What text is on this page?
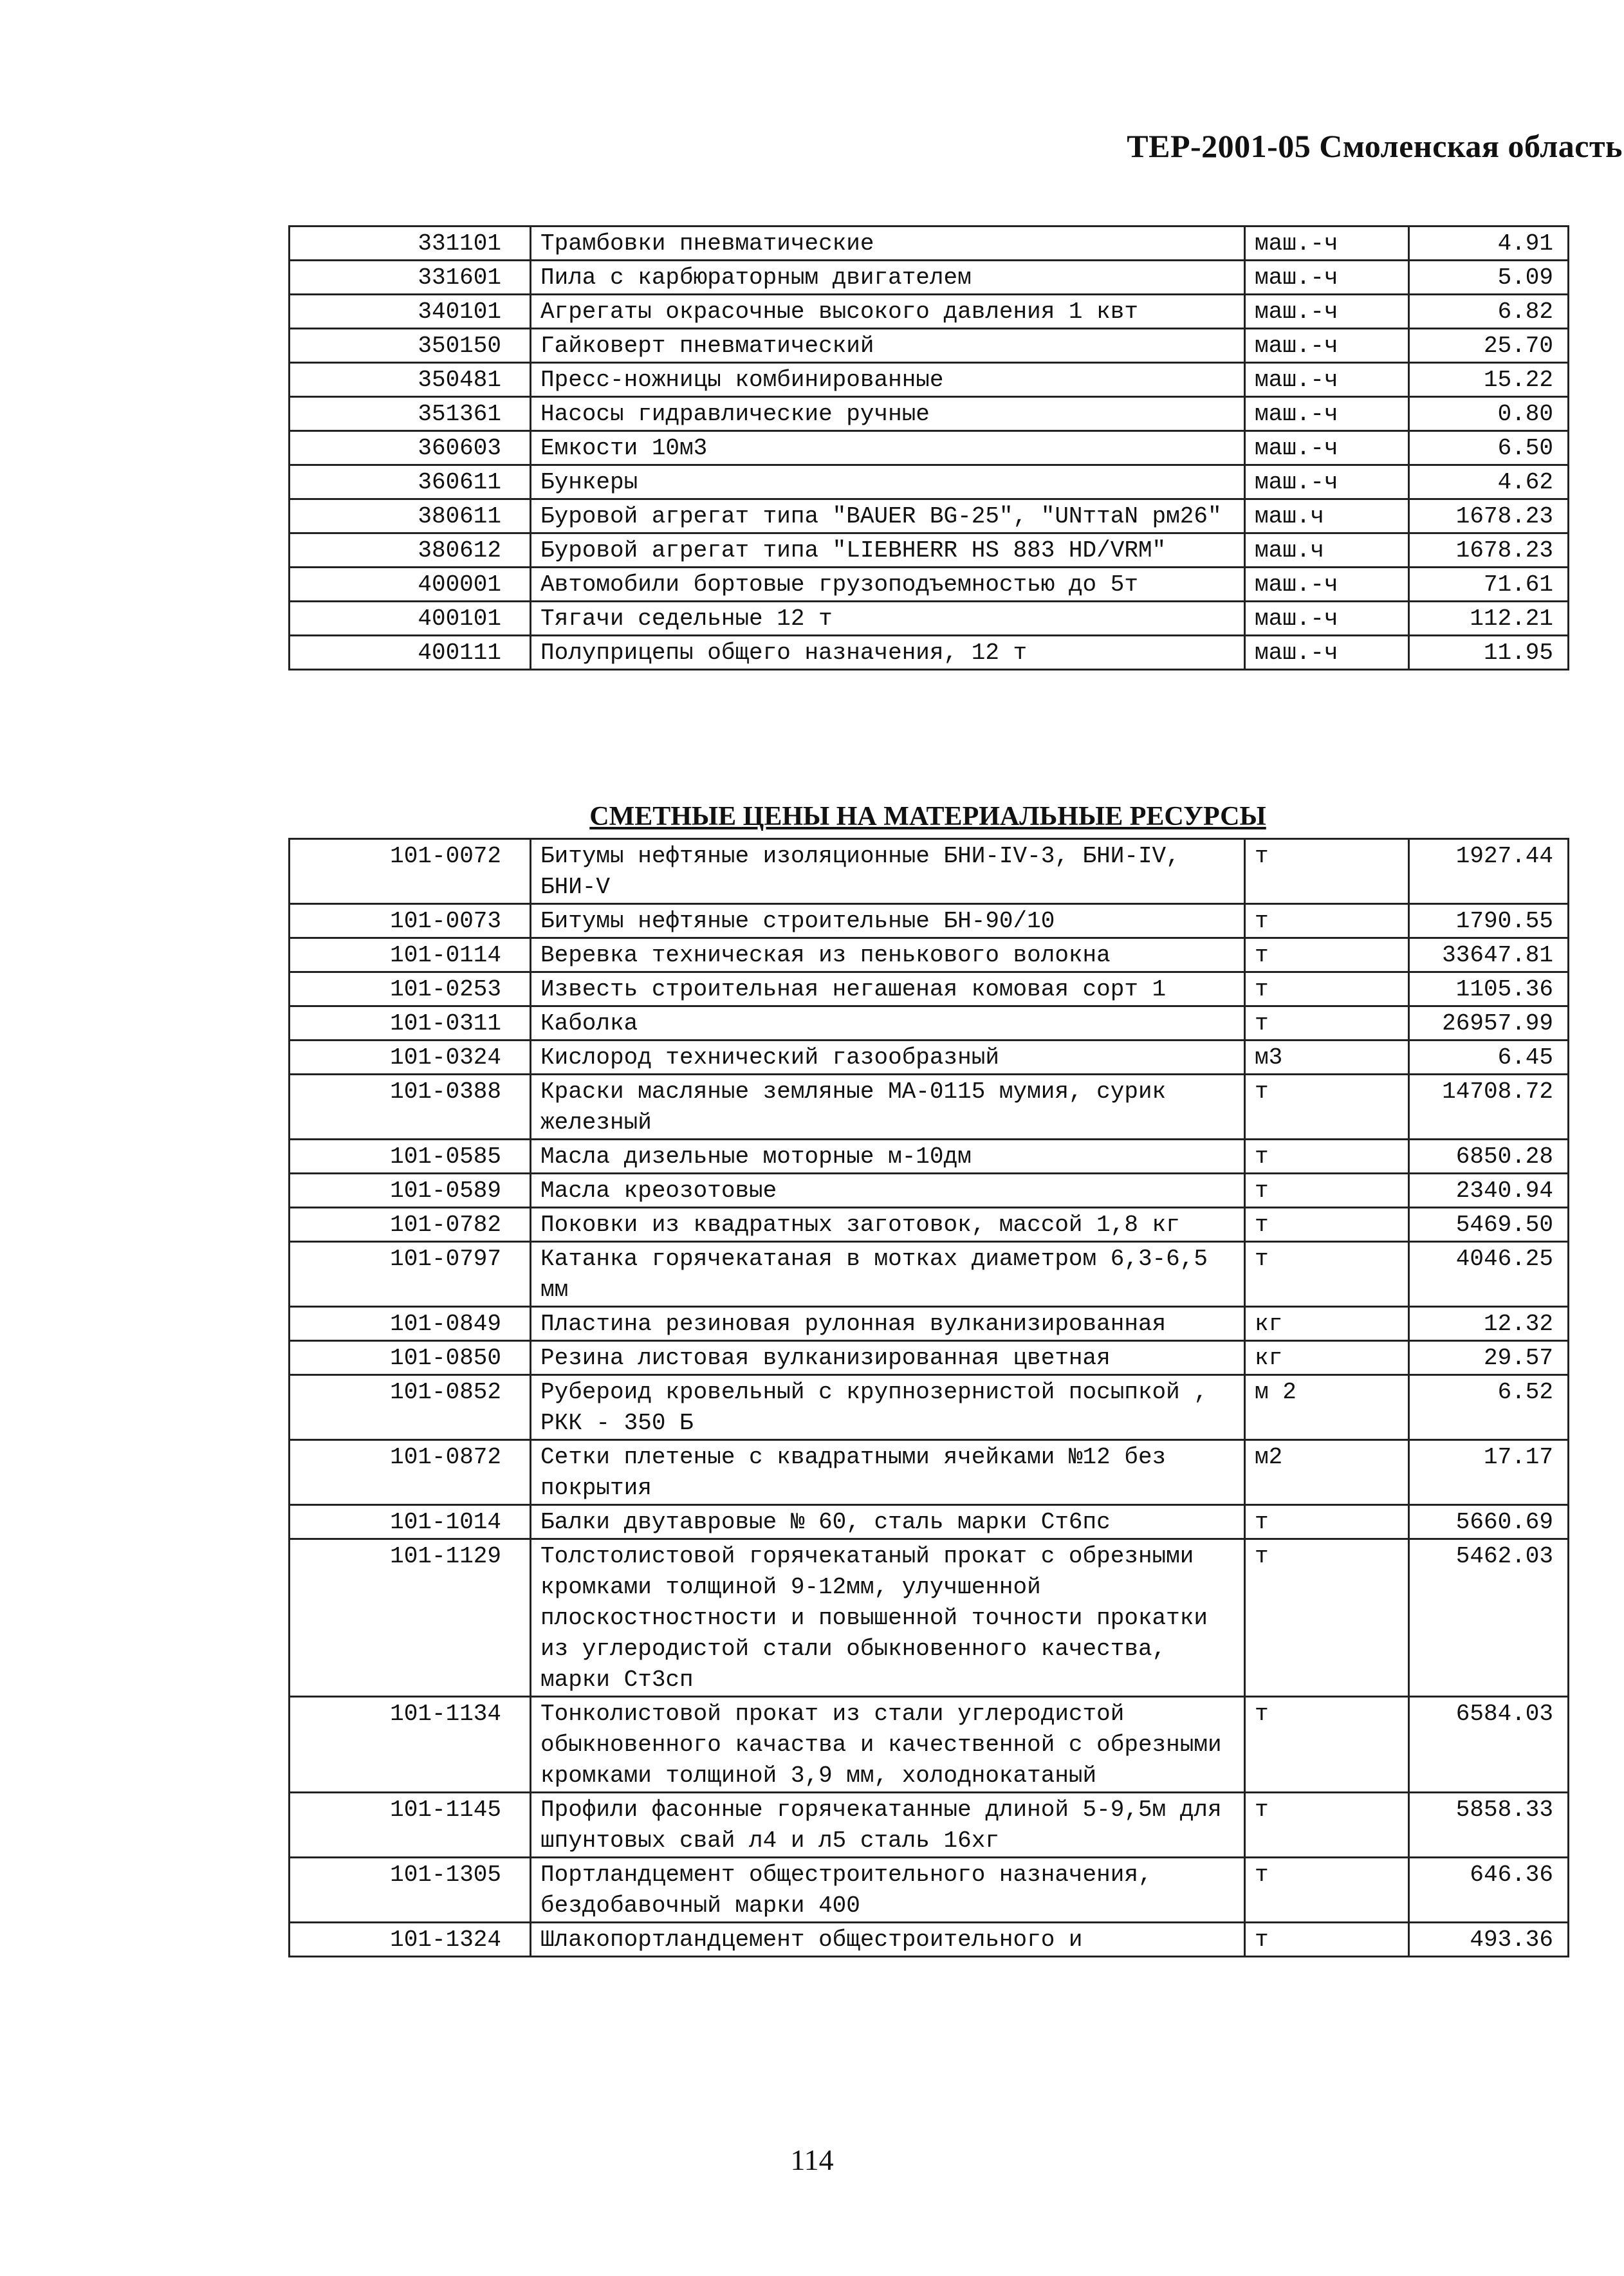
ТЕР-2001-05 Смоленская область
331101	Трамбовки пневматические	маш.-ч	4.91
331601	Пила с карбюраторным двигателем	маш.-ч	5.09
340101	Агрегаты окрасочные высокого давления 1 квт	маш.-ч	6.82
350150	Гайковерт пневматический	маш.-ч	25.70
350481	Пресс-ножницы комбинированные	маш.-ч	15.22
351361	Насосы гидравлические ручные	маш.-ч	0.80
360603	Емкости 10м3	маш.-ч	6.50
360611	Бункеры	маш.-ч	4.62
380611	Буровой агрегат типа "BAUER BG-25", "UNттаN рм26"	маш.ч	1678.23
380612	Буровой агрегат типа "LIEBHERR HS 883 HD/VRM"	маш.ч	1678.23
400001	Автомобили бортовые грузоподъемностью до 5т	маш.-ч	71.61
400101	Тягачи седельные 12 т	маш.-ч	112.21
400111	Полуприцепы общего назначения, 12 т	маш.-ч	11.95
СМЕТНЫЕ ЦЕНЫ НА МАТЕРИАЛЬНЫЕ РЕСУРСЫ
101-0072	Битумы нефтяные изоляционные БНИ-IV-3, БНИ-IV, БНИ-V	т	1927.44
101-0073	Битумы нефтяные строительные БН-90/10	т	1790.55
101-0114	Веревка техническая из пенькового волокна	т	33647.81
101-0253	Известь строительная негашеная комовая сорт 1	т	1105.36
101-0311	Каболка	т	26957.99
101-0324	Кислород технический газообразный	м3	6.45
101-0388	Краски масляные земляные МА-0115 мумия, сурик железный	т	14708.72
101-0585	Масла дизельные моторные м-10дм	т	6850.28
101-0589	Масла креозотовые	т	2340.94
101-0782	Поковки из квадратных заготовок, массой 1,8 кг	т	5469.50
101-0797	Катанка горячекатаная в мотках диаметром 6,3-6,5 мм	т	4046.25
101-0849	Пластина резиновая рулонная вулканизированная	кг	12.32
101-0850	Резина листовая вулканизированная цветная	кг	29.57
101-0852	Рубероид кровельный с крупнозернистой посыпкой , РКК - 350 Б	м 2	6.52
101-0872	Сетки плетеные с квадратными ячейками №12 без покрытия	м2	17.17
101-1014	Балки двутавровые № 60, сталь марки Ст6пс	т	5660.69
101-1129	Толстолистовой горячекатаный прокат с обрезными кромками толщиной 9-12мм, улучшенной плоскостностности и повышенной точности прокатки из углеродистой стали обыкновенного качества, марки Ст3сп	т	5462.03
101-1134	Тонколистовой прокат из стали углеродистой обыкновенного качаства и качественной с обрезными кромками толщиной 3,9 мм, холоднокатаный	т	6584.03
101-1145	Профили фасонные горячекатанные длиной 5-9,5м для шпунтовых свай л4 и л5 сталь 16хг	т	5858.33
101-1305	Портландцемент общестроительного назначения, бездобавочный марки 400	т	646.36
101-1324	Шлакопортландцемент общестроительного и	т	493.36
114
